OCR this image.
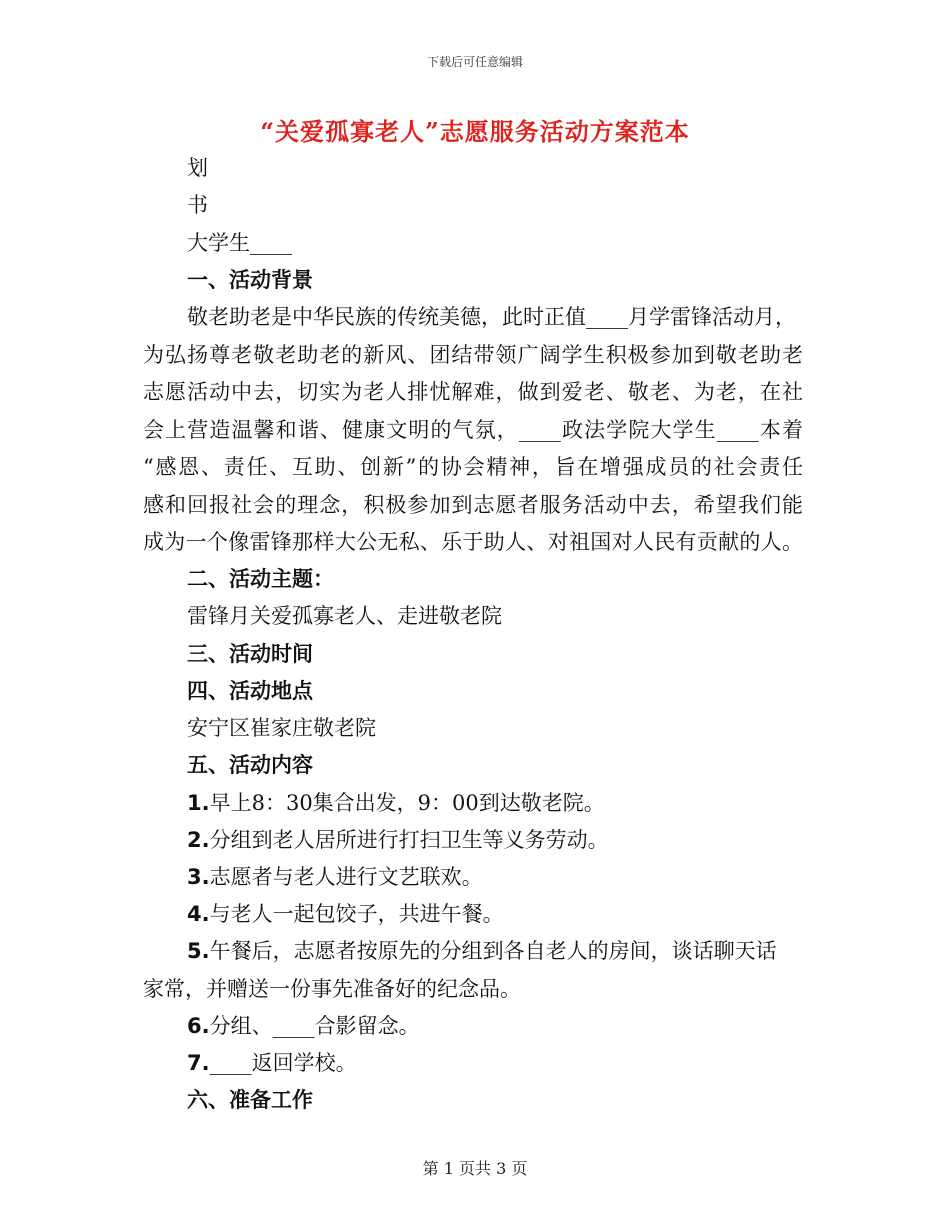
下载后可任意编辑
“关爱孤寡老人”志愿服务活动方案范本
划
书
大学生____
一、活动背景
敬老助老是中华民族的传统美德，此时正值____月学雷锋活动月，
为弘扬尊老敬老助老的新风、团结带领广阔学生积极参加到敬老助老
志愿活动中去，切实为老人排忧解难，做到爱老、敬老、为老，在社
会上营造温馨和谐、健康文明的气氛，____政法学院大学生____本着
“感恩、责任、互助、创新”的协会精神，旨在增强成员的社会责任
感和回报社会的理念，积极参加到志愿者服务活动中去，希望我们能
成为一个像雷锋那样大公无私、乐于助人、对祖国对人民有贡献的人。
二、活动主题：
雷锋月关爱孤寡老人、走进敬老院
三、活动时间
四、活动地点
安宁区崔家庄敬老院
五、活动内容
1.早上8：30集合出发，9：00到达敬老院。
2.分组到老人居所进行打扫卫生等义务劳动。
3.志愿者与老人进行文艺联欢。
4.与老人一起包饺子，共进午餐。
5.午餐后，志愿者按原先的分组到各自老人的房间，谈话聊天话
家常，并赠送一份事先准备好的纪念品。
6.分组、____合影留念。
7.____返回学校。
六、准备工作
第 1 页共 3 页
